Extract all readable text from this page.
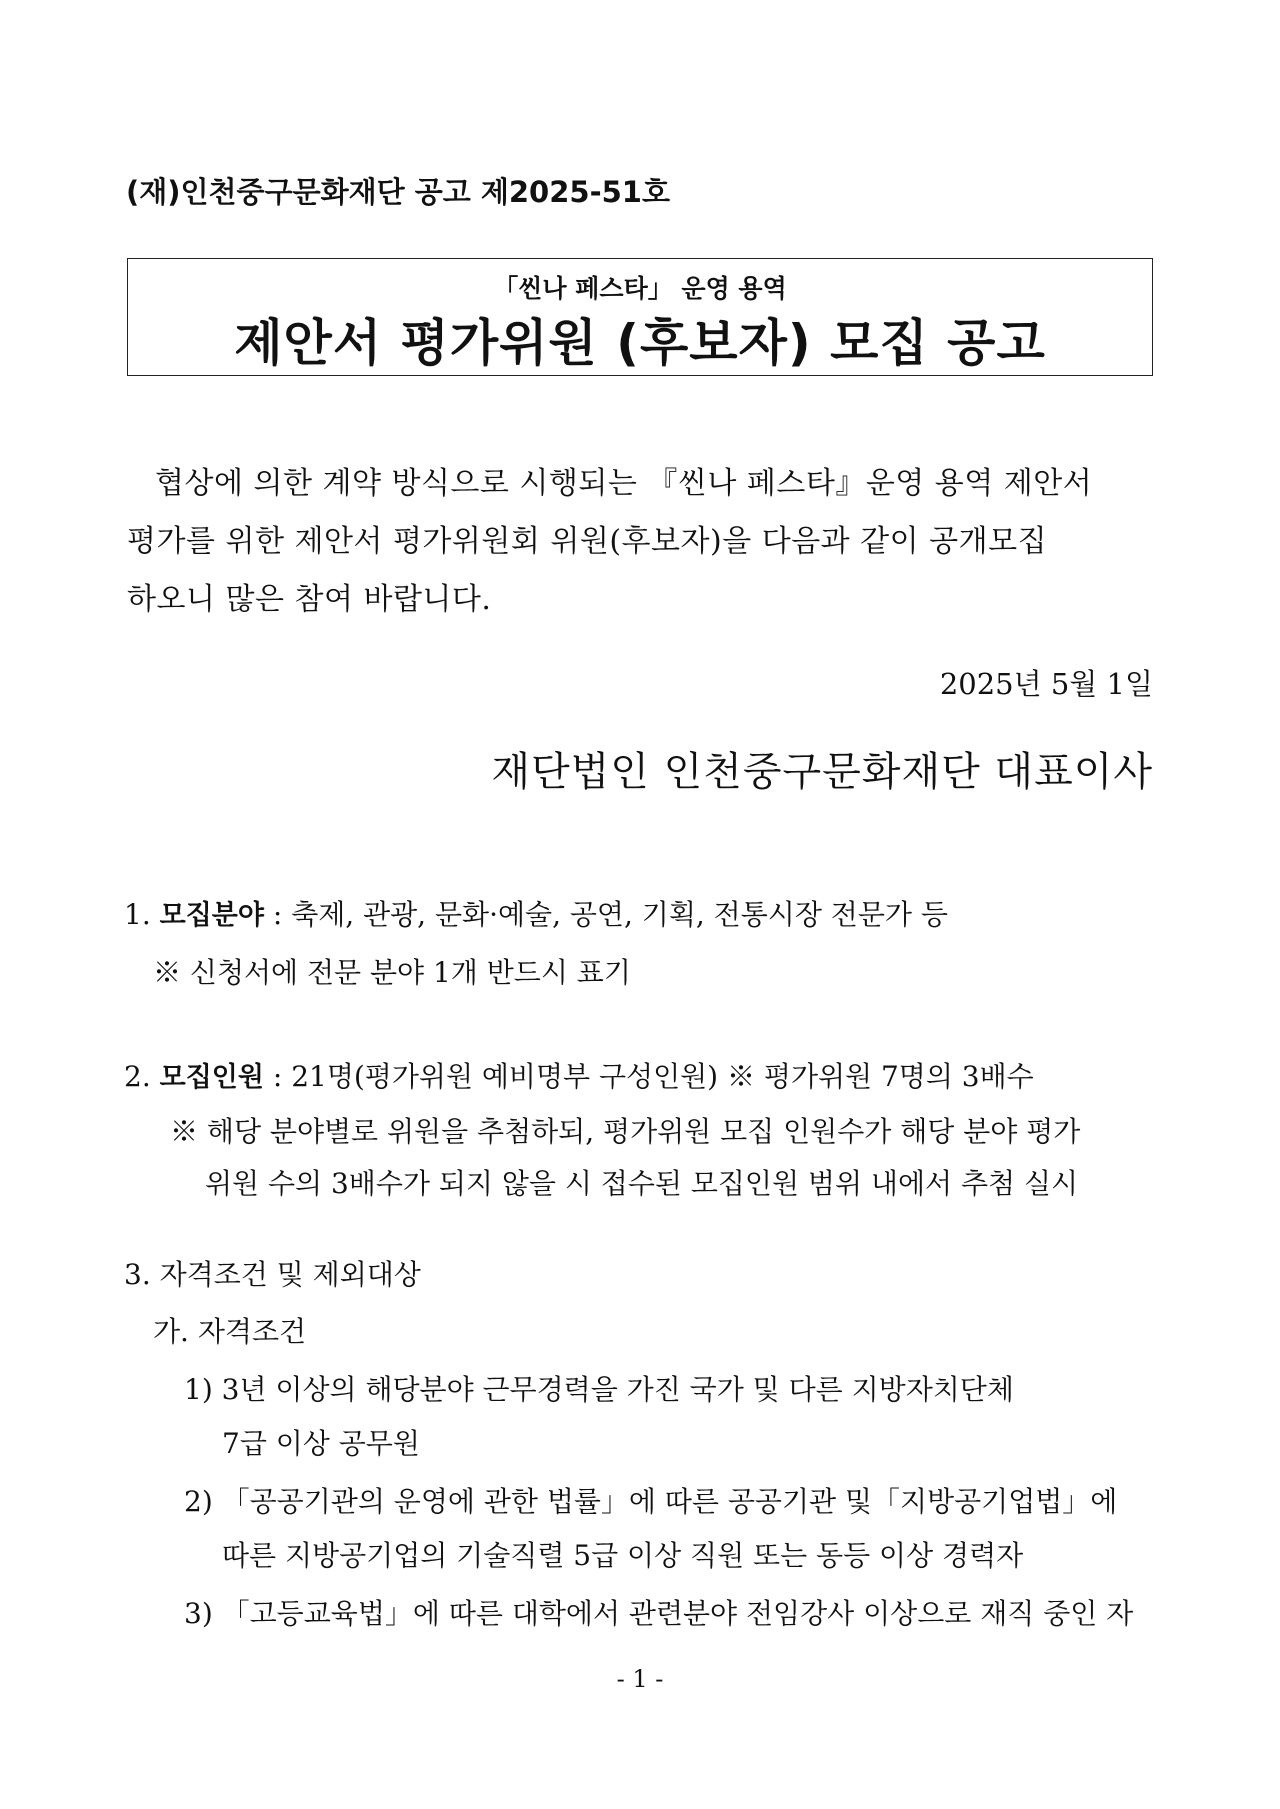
(재)인천중구문화재단 공고 제2025-51호
「씬나 페스타」 운영 용역
제안서 평가위원 (후보자) 모집 공고
협상에 의한 계약 방식으로 시행되는 『씬나 페스타』운영 용역 제안서
평가를 위한 제안서 평가위원회 위원(후보자)을 다음과 같이 공개모집
하오니 많은 참여 바랍니다.
2025년 5월 1일
재단법인 인천중구문화재단 대표이사
1. 모집분야 : 축제, 관광, 문화·예술, 공연, 기획, 전통시장 전문가 등
※ 신청서에 전문 분야 1개 반드시 표기
2. 모집인원 : 21명(평가위원 예비명부 구성인원) ※ 평가위원 7명의 3배수
※ 해당 분야별로 위원을 추첨하되, 평가위원 모집 인원수가 해당 분야 평가
위원 수의 3배수가 되지 않을 시 접수된 모집인원 범위 내에서 추첨 실시
3. 자격조건 및 제외대상
가. 자격조건
1) 3년 이상의 해당분야 근무경력을 가진 국가 및 다른 지방자치단체
7급 이상 공무원
2) 「공공기관의 운영에 관한 법률」에 따른 공공기관 및「지방공기업법」에
따른 지방공기업의 기술직렬 5급 이상 직원 또는 동등 이상 경력자
3) 「고등교육법」에 따른 대학에서 관련분야 전임강사 이상으로 재직 중인 자
- 1 -
